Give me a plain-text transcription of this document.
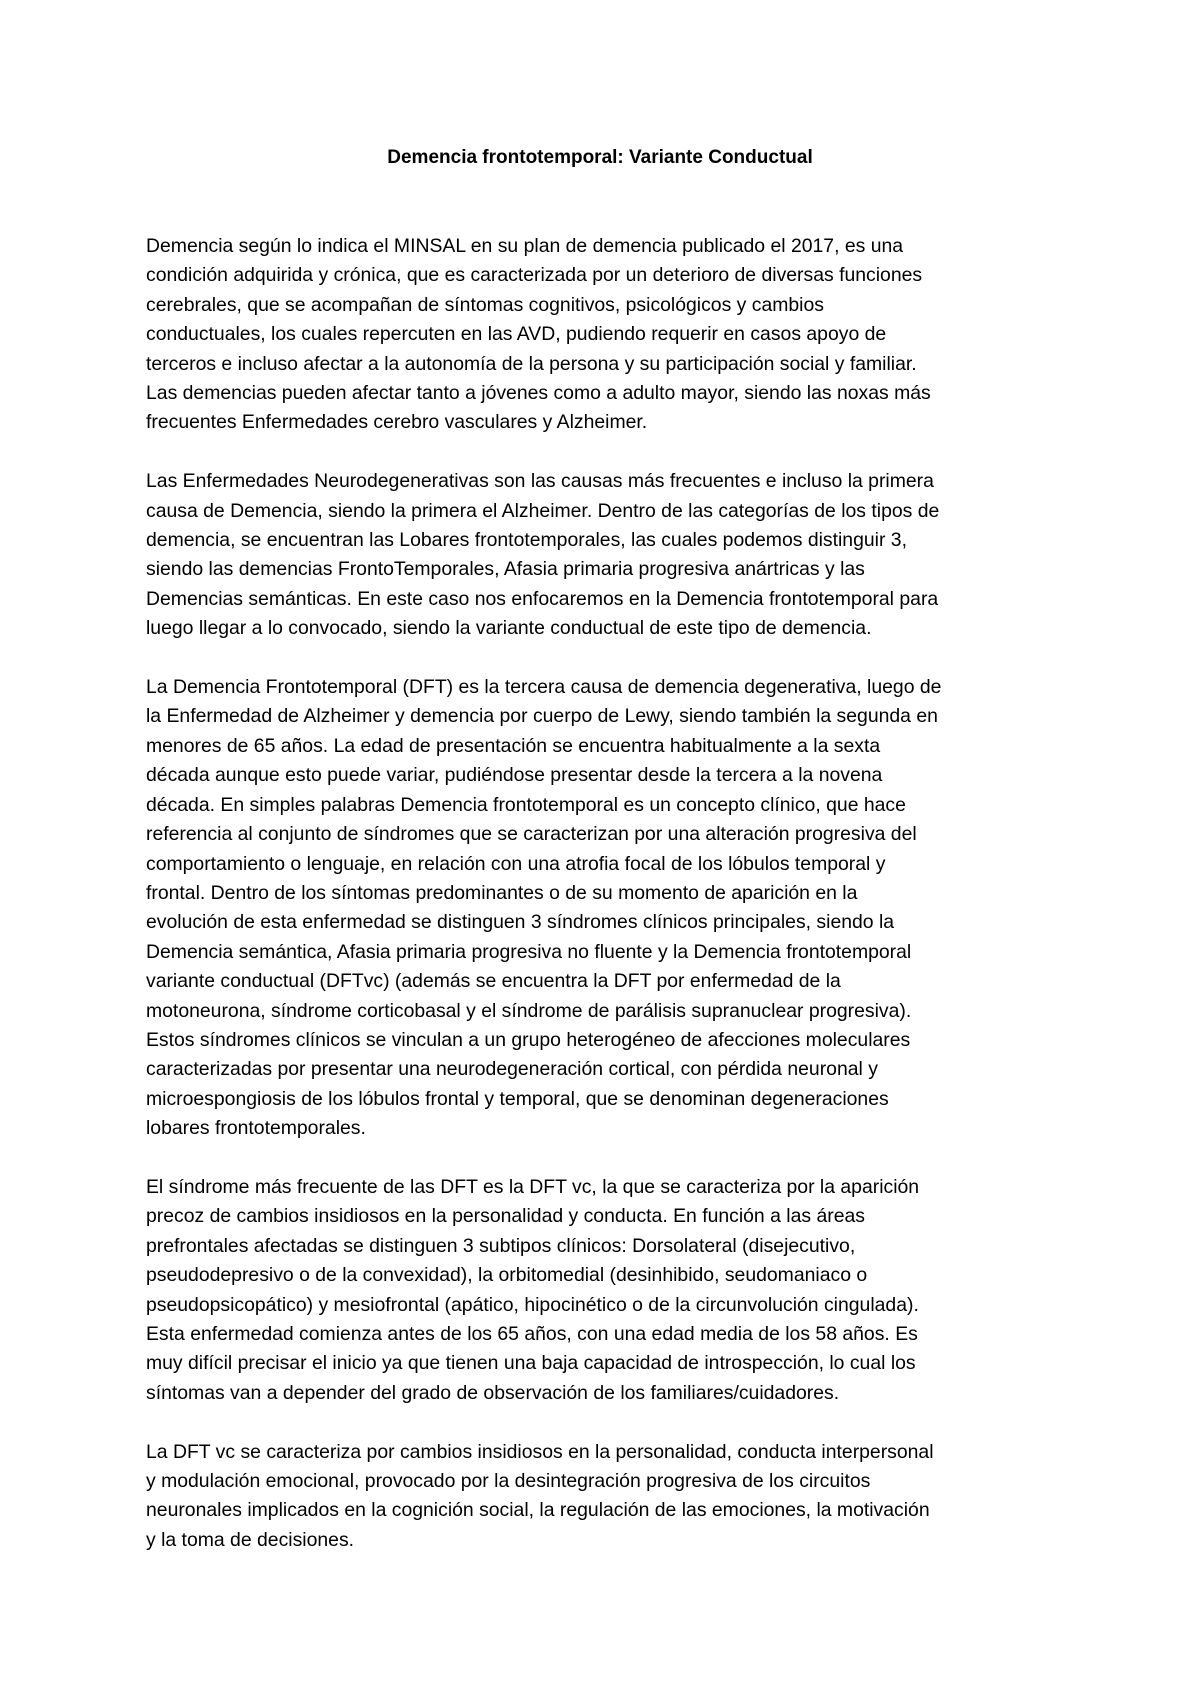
Demencia frontotemporal: Variante Conductual

Demencia según lo indica el MINSAL en su plan de demencia publicado el 2017, es una
condición adquirida y crónica, que es caracterizada por un deterioro de diversas funciones
cerebrales, que se acompañan de síntomas cognitivos, psicológicos y cambios
conductuales, los cuales repercuten en las AVD, pudiendo requerir en casos apoyo de
terceros e incluso afectar a la autonomía de la persona y su participación social y familiar.
Las demencias pueden afectar tanto a jóvenes como a adulto mayor, siendo las noxas más
frecuentes Enfermedades cerebro vasculares y Alzheimer.

Las Enfermedades Neurodegenerativas son las causas más frecuentes e incluso la primera
causa de Demencia, siendo la primera el Alzheimer. Dentro de las categorías de los tipos de
demencia, se encuentran las Lobares frontotemporales, las cuales podemos distinguir 3,
siendo las demencias FrontoTemporales, Afasia primaria progresiva anártricas y las
Demencias semánticas. En este caso nos enfocaremos en la Demencia frontotemporal para
luego llegar a lo convocado, siendo la variante conductual de este tipo de demencia.

La Demencia Frontotemporal (DFT) es la tercera causa de demencia degenerativa, luego de
la Enfermedad de Alzheimer y demencia por cuerpo de Lewy, siendo también la segunda en
menores de 65 años. La edad de presentación se encuentra habitualmente a la sexta
década aunque esto puede variar, pudiéndose presentar desde la tercera a la novena
década. En simples palabras Demencia frontotemporal es un concepto clínico, que hace
referencia al conjunto de síndromes que se caracterizan por una alteración progresiva del
comportamiento o lenguaje, en relación con una atrofia focal de los lóbulos temporal y
frontal. Dentro de los síntomas predominantes o de su momento de aparición en la
evolución de esta enfermedad se distinguen 3 síndromes clínicos principales, siendo la
Demencia semántica, Afasia primaria progresiva no fluente y la Demencia frontotemporal
variante conductual (DFTvc) (además se encuentra la DFT por enfermedad de la
motoneurona, síndrome corticobasal y el síndrome de parálisis supranuclear progresiva).
Estos síndromes clínicos se vinculan a un grupo heterogéneo de afecciones moleculares
caracterizadas por presentar una neurodegeneración cortical, con pérdida neuronal y
microespongiosis de los lóbulos frontal y temporal, que se denominan degeneraciones
lobares frontotemporales.

El síndrome más frecuente de las DFT es la DFT vc, la que se caracteriza por la aparición
precoz de cambios insidiosos en la personalidad y conducta. En función a las áreas
prefrontales afectadas se distinguen 3 subtipos clínicos: Dorsolateral (disejecutivo,
pseudodepresivo o de la convexidad), la orbitomedial (desinhibido, seudomaniaco o
pseudopsicopático) y mesiofrontal (apático, hipocinético o de la circunvolución cingulada).
Esta enfermedad comienza antes de los 65 años, con una edad media de los 58 años. Es
muy difícil precisar el inicio ya que tienen una baja capacidad de introspección, lo cual los
síntomas van a depender del grado de observación de los familiares/cuidadores.

La DFT vc se caracteriza por cambios insidiosos en la personalidad, conducta interpersonal
y modulación emocional, provocado por la desintegración progresiva de los circuitos
neuronales implicados en la cognición social, la regulación de las emociones, la motivación
y la toma de decisiones.
